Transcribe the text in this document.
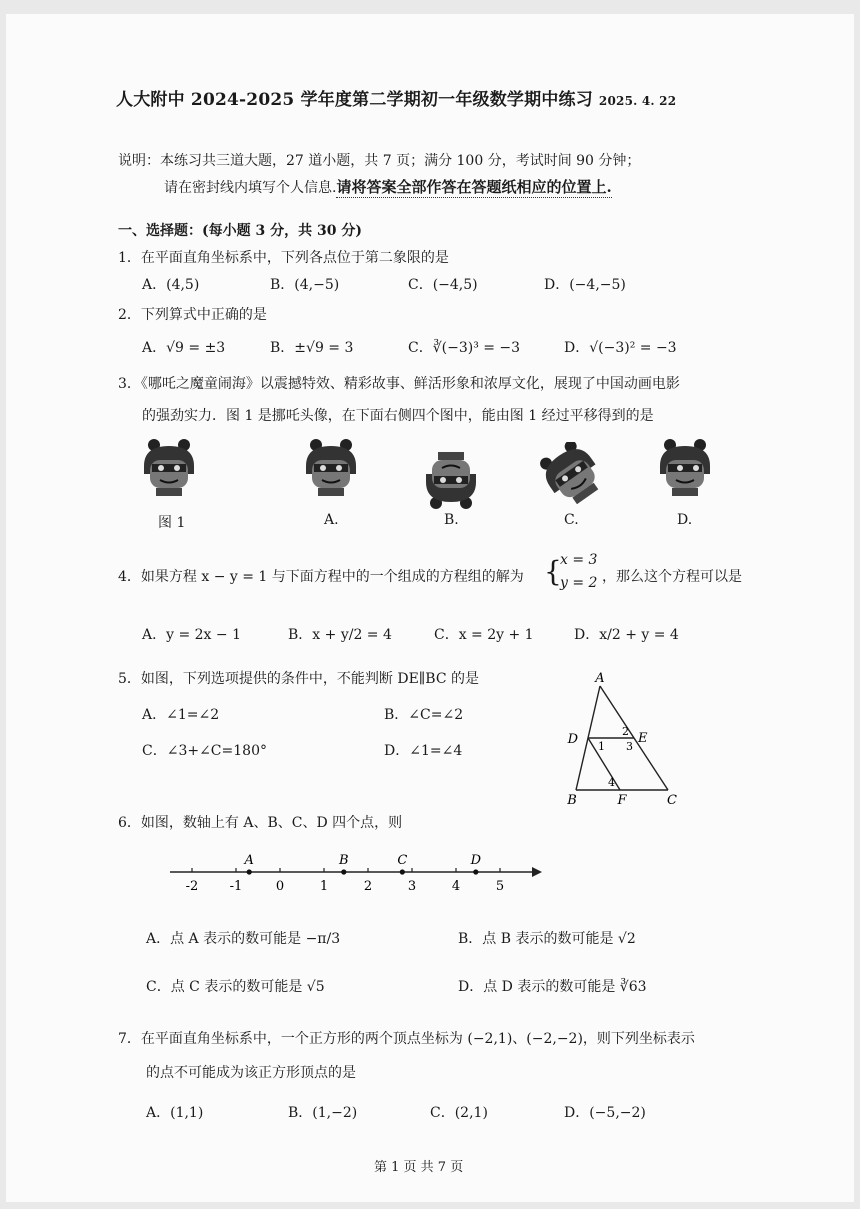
人大附中 2024-2025 学年度第二学期初一年级数学期中练习 2025. 4. 22
说明：本练习共三道大题，27 道小题，共 7 页；满分 100 分，考试时间 90 分钟；
请在密封线内填写个人信息.请将答案全部作答在答题纸相应的位置上.
一、选择题：(每小题 3 分，共 30 分)
1．在平面直角坐标系中，下列各点位于第二象限的是
A．(4,5)	B．(4,−5)	C．(−4,5)	D．(−4,−5)
2．下列算式中正确的是
A．√9 = ±3	B．±√9 = 3	C．∛(−3)³ = −3	D．√(−3)² = −3
3．《哪吒之魔童闹海》以震撼特效、精彩故事、鲜活形象和浓厚文化，展现了中国动画电影
的强劲实力．图 1 是挪吒头像，在下面右侧四个图中，能由图 1 经过平移得到的是
图 1	A.	B.	C.	D.
4．如果方程 x − y = 1 与下面方程中的一个组成的方程组的解为 {
x = 3
y = 2 ，那么这个方程可以是
A．y = 2x − 1	B．x + y/2 = 4	C．x = 2y + 1	D．x/2 + y = 4
5．如图，下列选项提供的条件中，不能判断 DE∥BC 的是
A．∠1=∠2	B．∠C=∠2
C．∠3+∠C=180°	D．∠1=∠4
A
D	E
B	F	C
1
2
3
4
6．如图，数轴上有 A、B、C、D 四个点，则
-2 -1	0	1	2	3	4	5
A	B	C	D
A．点 A 表示的数可能是 −π/3	B．点 B 表示的数可能是 √2
C．点 C 表示的数可能是 √5	D．点 D 表示的数可能是 ∛63
7．在平面直角坐标系中，一个正方形的两个顶点坐标为 (−2,1)、(−2,−2)，则下列坐标表示
的点不可能成为该正方形顶点的是
A．(1,1)	B．(1,−2)	C．(2,1)	D．(−5,−2)
第 1 页 共 7 页
